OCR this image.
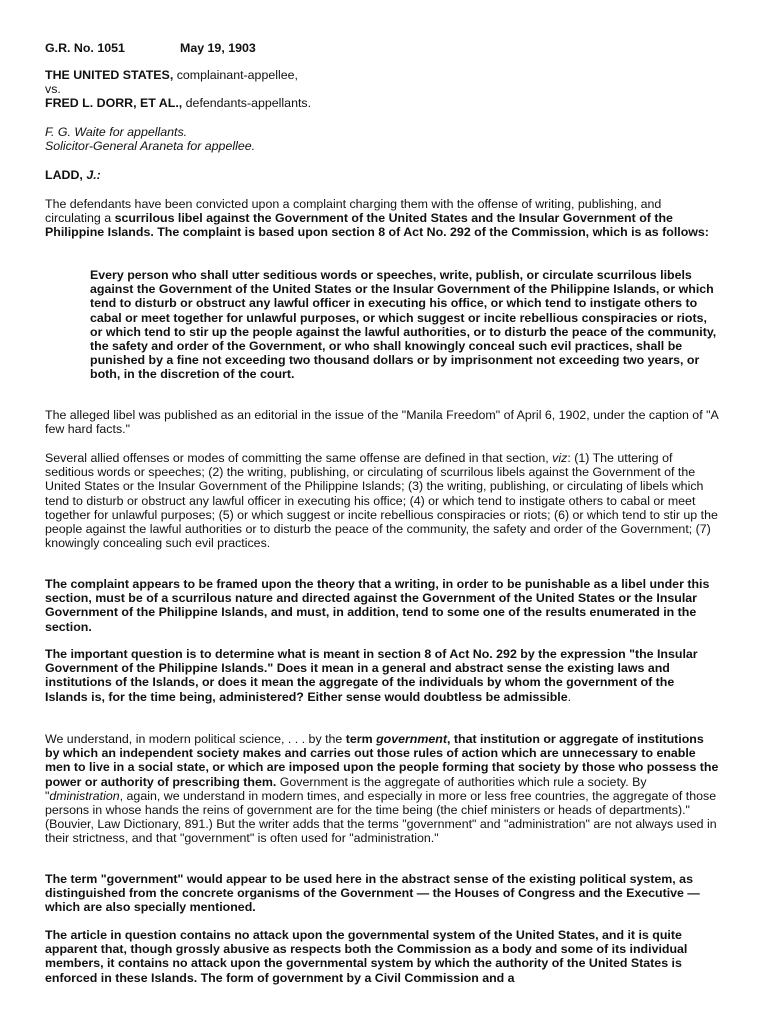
G.R. No. 1051	May 19, 1903

THE UNITED STATES, complainant-appellee,
vs.
FRED L. DORR, ET AL., defendants-appellants.

F. G. Waite for appellants.
Solicitor-General Araneta for appellee.

LADD, J.:

The defendants have been convicted upon a complaint charging them with the offense of writing, publishing, and circulating a scurrilous libel against the Government of the United States and the Insular Government of the Philippine Islands. The complaint is based upon section 8 of Act No. 292 of the Commission, which is as follows:

Every person who shall utter seditious words or speeches, write, publish, or circulate scurrilous libels against the Government of the United States or the Insular Government of the Philippine Islands, or which tend to disturb or obstruct any lawful officer in executing his office, or which tend to instigate others to cabal or meet together for unlawful purposes, or which suggest or incite rebellious conspiracies or riots, or which tend to stir up the people against the lawful authorities, or to disturb the peace of the community, the safety and order of the Government, or who shall knowingly conceal such evil practices, shall be punished by a fine not exceeding two thousand dollars or by imprisonment not exceeding two years, or both, in the discretion of the court.

The alleged libel was published as an editorial in the issue of the "Manila Freedom" of April 6, 1902, under the caption of "A few hard facts."

Several allied offenses or modes of committing the same offense are defined in that section, viz: (1) The uttering of seditious words or speeches; (2) the writing, publishing, or circulating of scurrilous libels against the Government of the United States or the Insular Government of the Philippine Islands; (3) the writing, publishing, or circulating of libels which tend to disturb or obstruct any lawful officer in executing his office; (4) or which tend to instigate others to cabal or meet together for unlawful purposes; (5) or which suggest or incite rebellious conspiracies or riots; (6) or which tend to stir up the people against the lawful authorities or to disturb the peace of the community, the safety and order of the Government; (7) knowingly concealing such evil practices.

The complaint appears to be framed upon the theory that a writing, in order to be punishable as a libel under this section, must be of a scurrilous nature and directed against the Government of the United States or the Insular Government of the Philippine Islands, and must, in addition, tend to some one of the results enumerated in the section.

The important question is to determine what is meant in section 8 of Act No. 292 by the expression "the Insular Government of the Philippine Islands." Does it mean in a general and abstract sense the existing laws and institutions of the Islands, or does it mean the aggregate of the individuals by whom the government of the Islands is, for the time being, administered? Either sense would doubtless be admissible.

We understand, in modern political science, . . . by the term government, that institution or aggregate of institutions by which an independent society makes and carries out those rules of action which are unnecessary to enable men to live in a social state, or which are imposed upon the people forming that society by those who possess the power or authority of prescribing them. Government is the aggregate of authorities which rule a society. By "dministration, again, we understand in modern times, and especially in more or less free countries, the aggregate of those persons in whose hands the reins of government are for the time being (the chief ministers or heads of departments)." (Bouvier, Law Dictionary, 891.) But the writer adds that the terms "government" and "administration" are not always used in their strictness, and that "government" is often used for "administration."

The term "government" would appear to be used here in the abstract sense of the existing political system, as distinguished from the concrete organisms of the Government — the Houses of Congress and the Executive — which are also specially mentioned.

The article in question contains no attack upon the governmental system of the United States, and it is quite apparent that, though grossly abusive as respects both the Commission as a body and some of its individual members, it contains no attack upon the governmental system by which the authority of the United States is enforced in these Islands. The form of government by a Civil Commission and a
